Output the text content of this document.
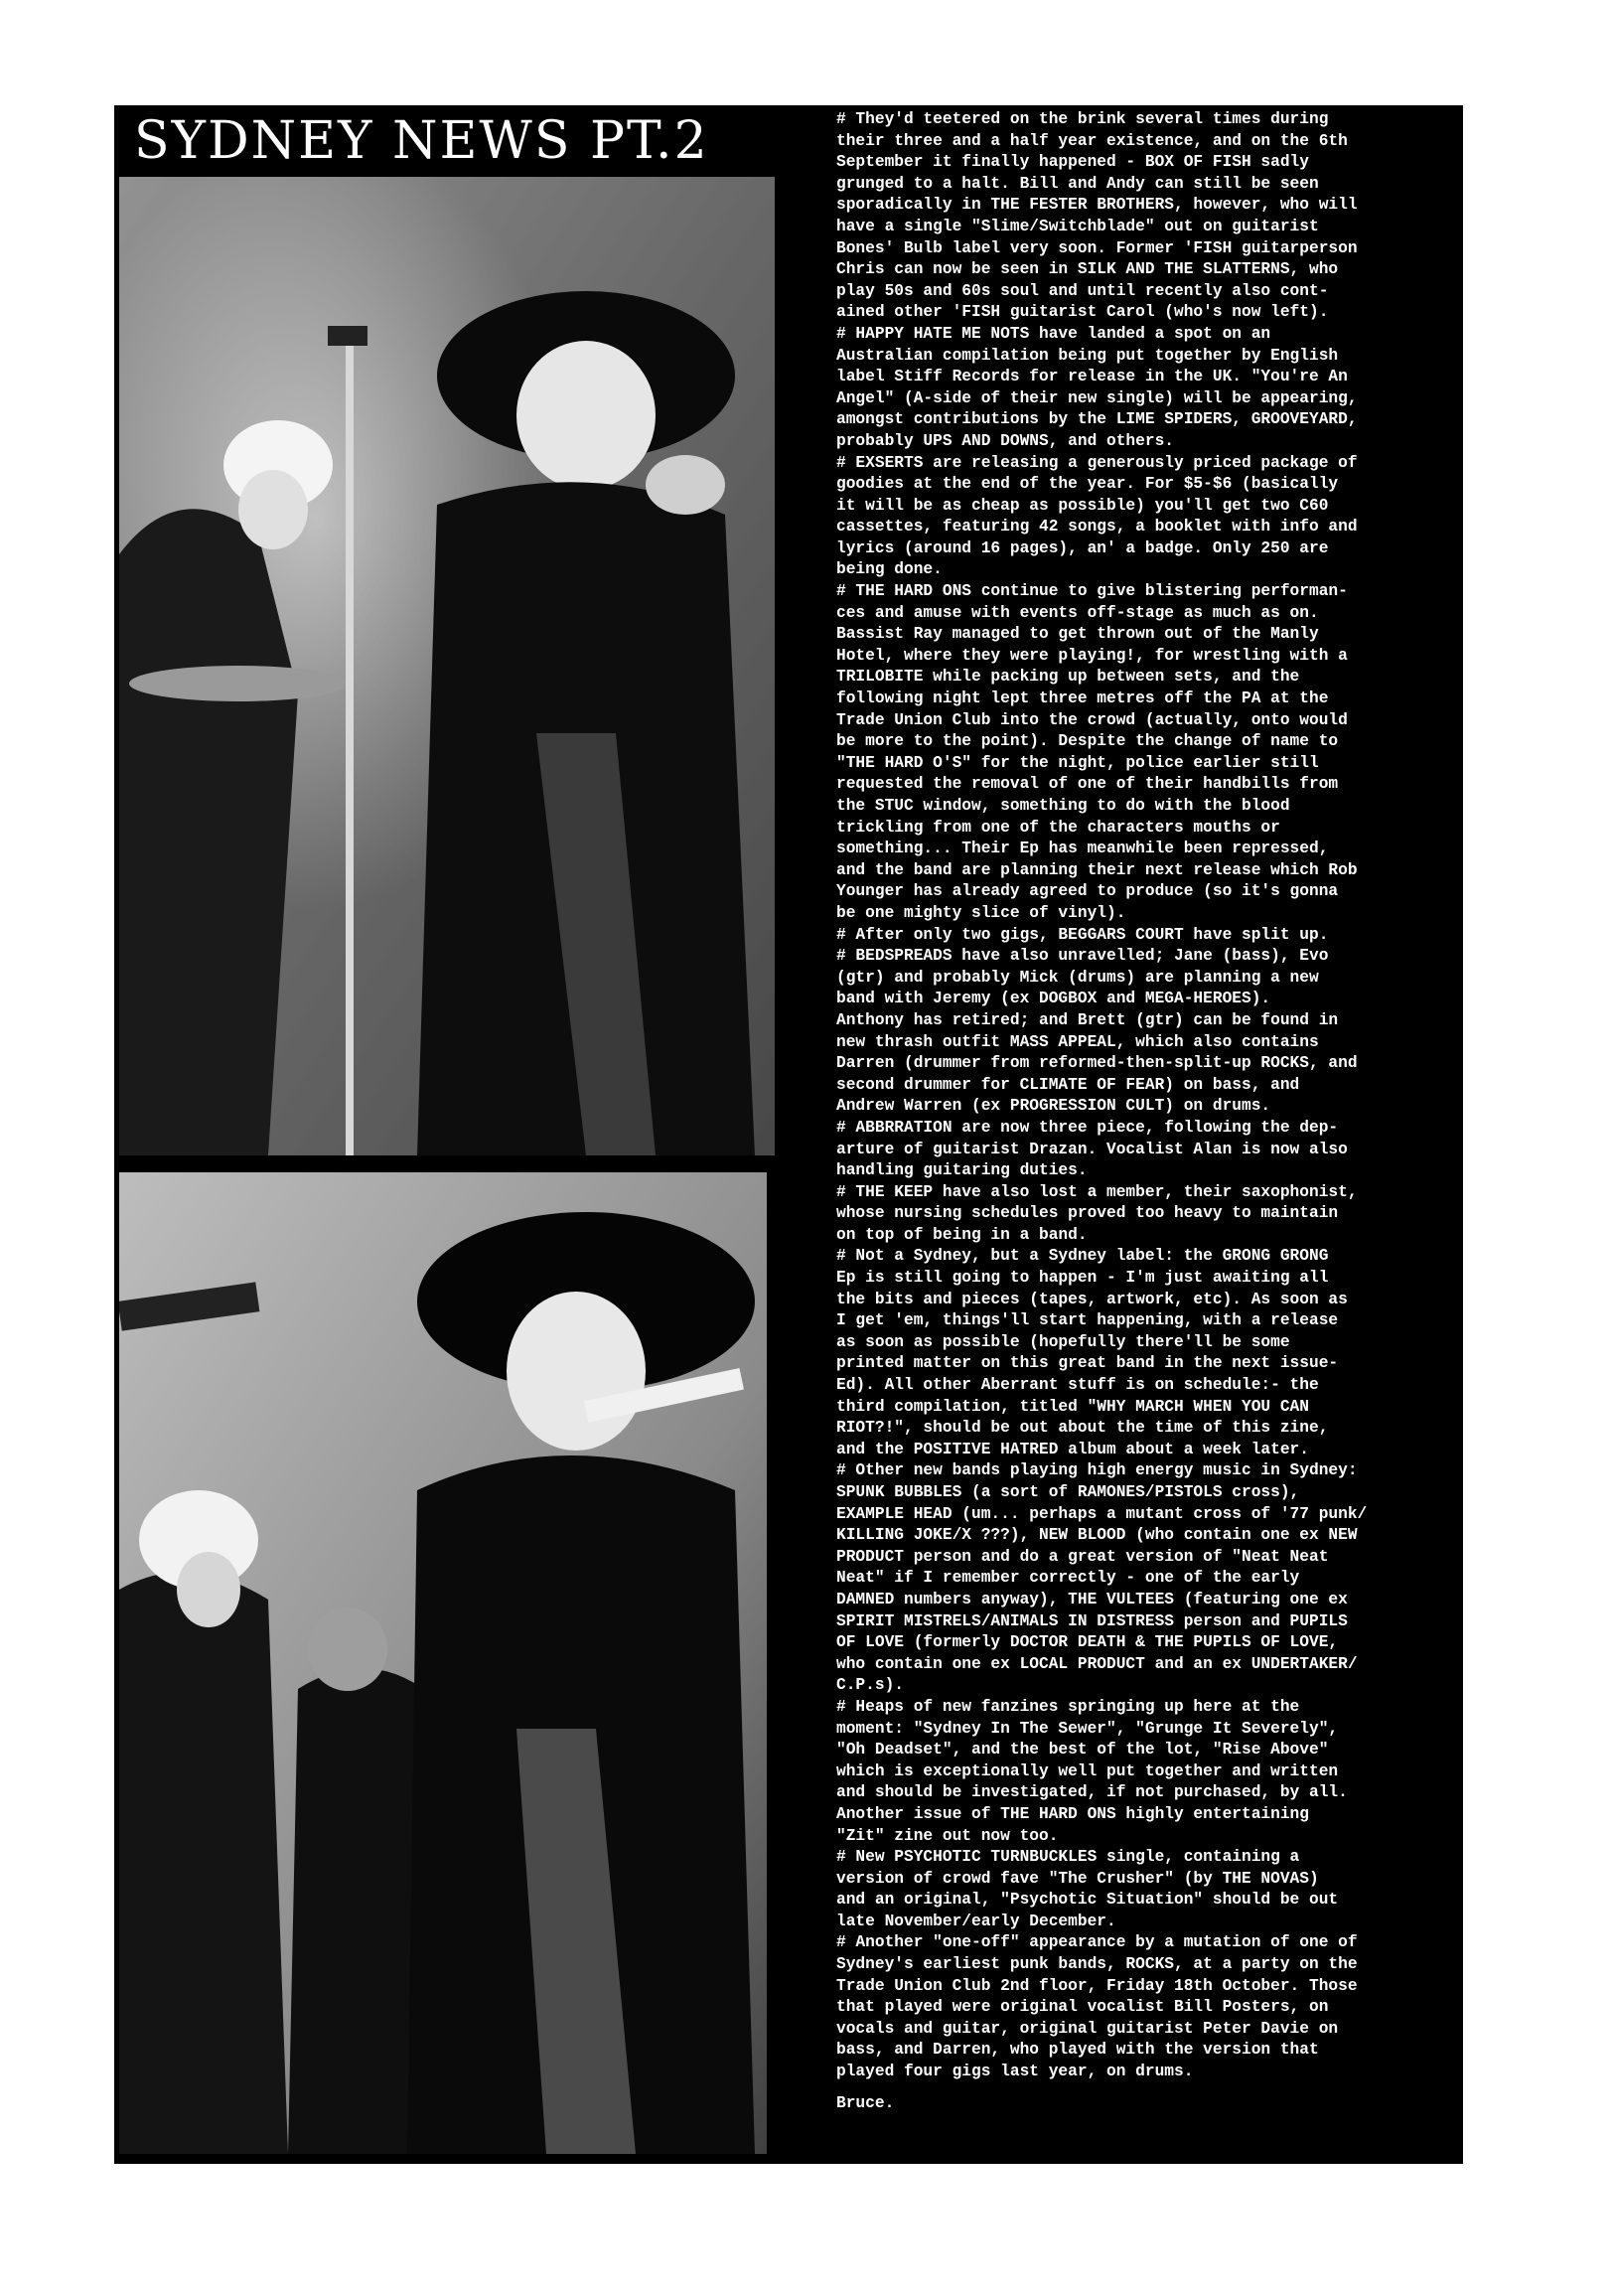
SYDNEY NEWS PT.2	# They'd teetered on the brink several times during
their three and a half year existence, and on the 6th
September it finally happened - BOX OF FISH sadly
grunged to a halt. Bill and Andy can still be seen
sporadically in THE FESTER BROTHERS, however, who will
have a single "Slime/Switchblade" out on guitarist
Bones' Bulb label very soon. Former 'FISH guitarperson
Chris can now be seen in SILK AND THE SLATTERNS, who
play 50s and 60s soul and until recently also cont-
ained other 'FISH guitarist Carol (who's now left).

# HAPPY HATE ME NOTS have landed a spot on an
Australian compilation being put together by English
label Stiff Records for release in the UK. "You're An
Angel" (A-side of their new single) will be appearing,
amongst contributions by the LIME SPIDERS, GROOVEYARD,
probably UPS AND DOWNS, and others.

# EXSERTS are releasing a generously priced package of
goodies at the end of the year. For $5-$6 (basically
it will be as cheap as possible) you'll get two C60
cassettes, featuring 42 songs, a booklet with info and
lyrics (around 16 pages), an' a badge. Only 250 are
being done.

# THE HARD ONS continue to give blistering performan-
ces and amuse with events off-stage as much as on.
Bassist Ray managed to get thrown out of the Manly
Hotel, where they were playing!, for wrestling with a
TRILOBITE while packing up between sets, and the
following night lept three metres off the PA at the
Trade Union Club into the crowd (actually, onto would
be more to the point). Despite the change of name to
"THE HARD O'S" for the night, police earlier still
requested the removal of one of their handbills from
the STUC window, something to do with the blood
trickling from one of the characters mouths or
something... Their Ep has meanwhile been repressed,
and the band are planning their next release which Rob
Younger has already agreed to produce (so it's gonna
be one mighty slice of vinyl).

# After only two gigs, BEGGARS COURT have split up.

# BEDSPREADS have also unravelled; Jane (bass), Evo
(gtr) and probably Mick (drums) are planning a new
band with Jeremy (ex DOGBOX and MEGA-HEROES).
Anthony has retired; and Brett (gtr) can be found in
new thrash outfit MASS APPEAL, which also contains
Darren (drummer from reformed-then-split-up ROCKS, and
second drummer for CLIMATE OF FEAR) on bass, and
Andrew Warren (ex PROGRESSION CULT) on drums.

# ABBRRATION are now three piece, following the dep-
arture of guitarist Drazan. Vocalist Alan is now also
handling guitaring duties.

# THE KEEP have also lost a member, their saxophonist,
whose nursing schedules proved too heavy to maintain
on top of being in a band.

# Not a Sydney, but a Sydney label: the GRONG GRONG
Ep is still going to happen - I'm just awaiting all
the bits and pieces (tapes, artwork, etc). As soon as
I get 'em, things'll start happening, with a release
as soon as possible (hopefully there'll be some
printed matter on this great band in the next issue-
Ed). All other Aberrant stuff is on schedule:- the
third compilation, titled "WHY MARCH WHEN YOU CAN
RIOT?!", should be out about the time of this zine,
and the POSITIVE HATRED album about a week later.

# Other new bands playing high energy music in Sydney:
SPUNK BUBBLES (a sort of RAMONES/PISTOLS cross),
EXAMPLE HEAD (um... perhaps a mutant cross of '77 punk/
KILLING JOKE/X ???), NEW BLOOD (who contain one ex NEW
PRODUCT person and do a great version of "Neat Neat
Neat" if I remember correctly - one of the early
DAMNED numbers anyway), THE VULTEES (featuring one ex
SPIRIT MISTRELS/ANIMALS IN DISTRESS person and PUPILS
OF LOVE (formerly DOCTOR DEATH & THE PUPILS OF LOVE,
who contain one ex LOCAL PRODUCT and an ex UNDERTAKER/
C.P.s).

# Heaps of new fanzines springing up here at the
moment: "Sydney In The Sewer", "Grunge It Severely",
"Oh Deadset", and the best of the lot, "Rise Above"
which is exceptionally well put together and written
and should be investigated, if not purchased, by all.
Another issue of THE HARD ONS highly entertaining
"Zit" zine out now too.

# New PSYCHOTIC TURNBUCKLES single, containing a
version of crowd fave "The Crusher" (by THE NOVAS)
and an original, "Psychotic Situation" should be out
late November/early December.

# Another "one-off" appearance by a mutation of one of
Sydney's earliest punk bands, ROCKS, at a party on the
Trade Union Club 2nd floor, Friday 18th October. Those
that played were original vocalist Bill Posters, on
vocals and guitar, original guitarist Peter Davie on
bass, and Darren, who played with the version that
played four gigs last year, on drums.

Bruce.
